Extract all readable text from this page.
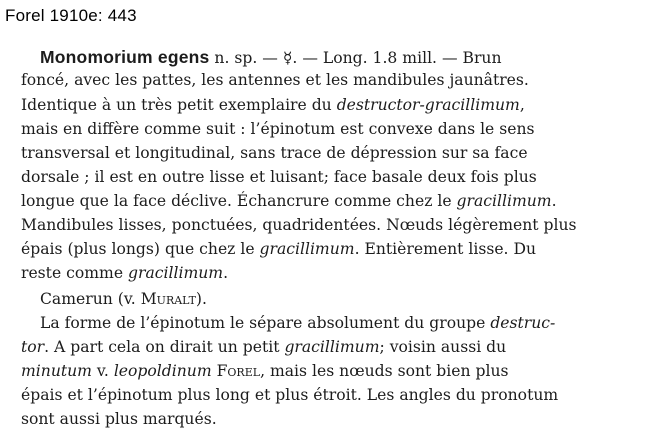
Forel 1910e: 443
Monomorium egens n. sp. — ☿. — Long. 1.8 mill. — Brun
foncé, avec les pattes, les antennes et les mandibules jaunâtres.
Identique à un très petit exemplaire du destructor-gracillimum,
mais en diffère comme suit : l’épinotum est convexe dans le sens
transversal et longitudinal, sans trace de dépression sur sa face
dorsale ; il est en outre lisse et luisant; face basale deux fois plus
longue que la face déclive. Échancrure comme chez le gracillimum.
Mandibules lisses, ponctuées, quadridentées. Nœuds légèrement plus
épais (plus longs) que chez le gracillimum. Entièrement lisse. Du
reste comme gracillimum.
Camerun (v. Muralt).
La forme de l’épinotum le sépare absolument du groupe destruc-
tor. A part cela on dirait un petit gracillimum; voisin aussi du
minutum v. leopoldinum Forel, mais les nœuds sont bien plus
épais et l’épinotum plus long et plus étroit. Les angles du pronotum
sont aussi plus marqués.
